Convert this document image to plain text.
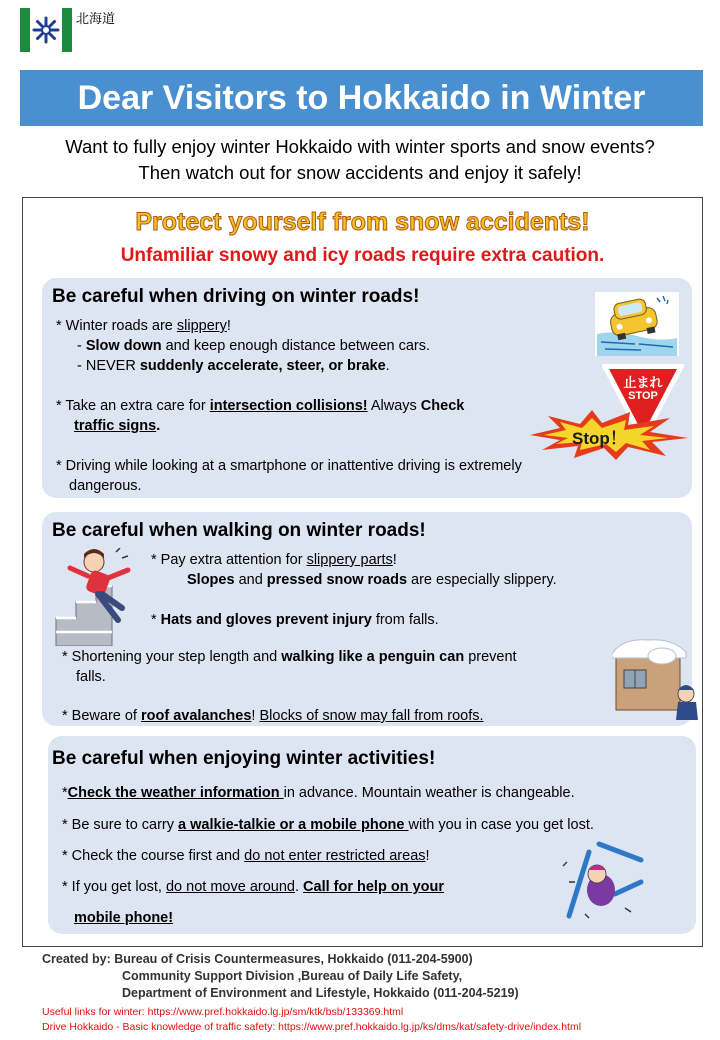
北海道
Dear Visitors to Hokkaido in Winter
Want to fully enjoy winter Hokkaido with winter sports and snow events?
Then watch out for snow accidents and enjoy it safely!
Protect yourself from snow accidents!
Unfamiliar snowy and icy roads require extra caution.
Be careful when driving on winter roads!
* Winter roads are slippery!
- Slow down and keep enough distance between cars.
- NEVER suddenly accelerate, steer, or brake.
* Take an extra care for intersection collisions! Always Check
traffic signs.
* Driving while looking at a smartphone or inattentive driving is extremely
dangerous.
止まれ
STOP
Stop！
Be careful when walking on winter roads!
* Pay extra attention for slippery parts!
Slopes and pressed snow roads are especially slippery.
* Hats and gloves prevent injury from falls.
* Shortening your step length and walking like a penguin can prevent
falls.
* Beware of roof avalanches! Blocks of snow may fall from roofs.
Be careful when enjoying winter activities!
*Check the weather information in advance. Mountain weather is changeable.
* Be sure to carry a walkie-talkie or a mobile phone with you in case you get lost.
* Check the course first and do not enter restricted areas!
* If you get lost, do not move around. Call for help on your
mobile phone!
Created by: Bureau of Crisis Countermeasures, Hokkaido (011-204-5900)
Community Support Division ,Bureau of Daily Life Safety,
Department of Environment and Lifestyle, Hokkaido (011-204-5219)
Useful links for winter: https://www.pref.hokkaido.lg.jp/sm/ktk/bsb/133369.html
Drive Hokkaido - Basic knowledge of traffic safety: https://www.pref.hokkaido.lg.jp/ks/dms/kat/safety-drive/index.html
